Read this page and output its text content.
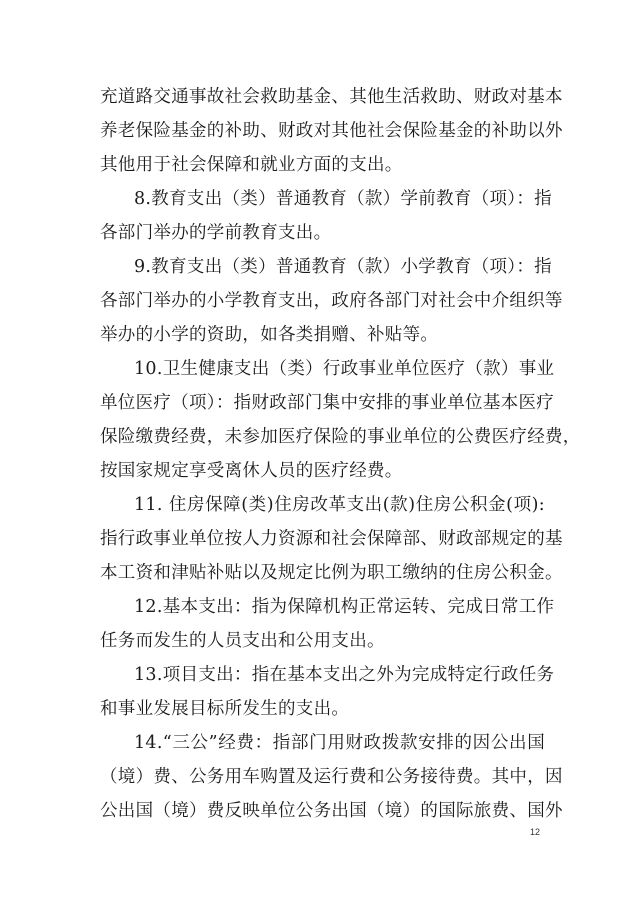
充道路交通事故社会救助基金、其他生活救助、财政对基本
养老保险基金的补助、财政对其他社会保险基金的补助以外
其他用于社会保障和就业方面的支出。
8.教育支出（类）普通教育（款）学前教育（项）：指
各部门举办的学前教育支出。
9.教育支出（类）普通教育（款）小学教育（项）：指
各部门举办的小学教育支出，政府各部门对社会中介组织等
举办的小学的资助，如各类捐赠、补贴等。
10.卫生健康支出（类）行政事业单位医疗（款）事业
单位医疗（项）：指财政部门集中安排的事业单位基本医疗
保险缴费经费，未参加医疗保险的事业单位的公费医疗经费，
按国家规定享受离休人员的医疗经费。
11. 住房保障(类)住房改革支出(款)住房公积金(项):
指行政事业单位按人力资源和社会保障部、财政部规定的基
本工资和津贴补贴以及规定比例为职工缴纳的住房公积金。
12.基本支出：指为保障机构正常运转、完成日常工作
任务而发生的人员支出和公用支出。
13.项目支出：指在基本支出之外为完成特定行政任务
和事业发展目标所发生的支出。
14.“三公”经费：指部门用财政拨款安排的因公出国
（境）费、公务用车购置及运行费和公务接待费。其中，因
公出国（境）费反映单位公务出国（境）的国际旅费、国外
12
